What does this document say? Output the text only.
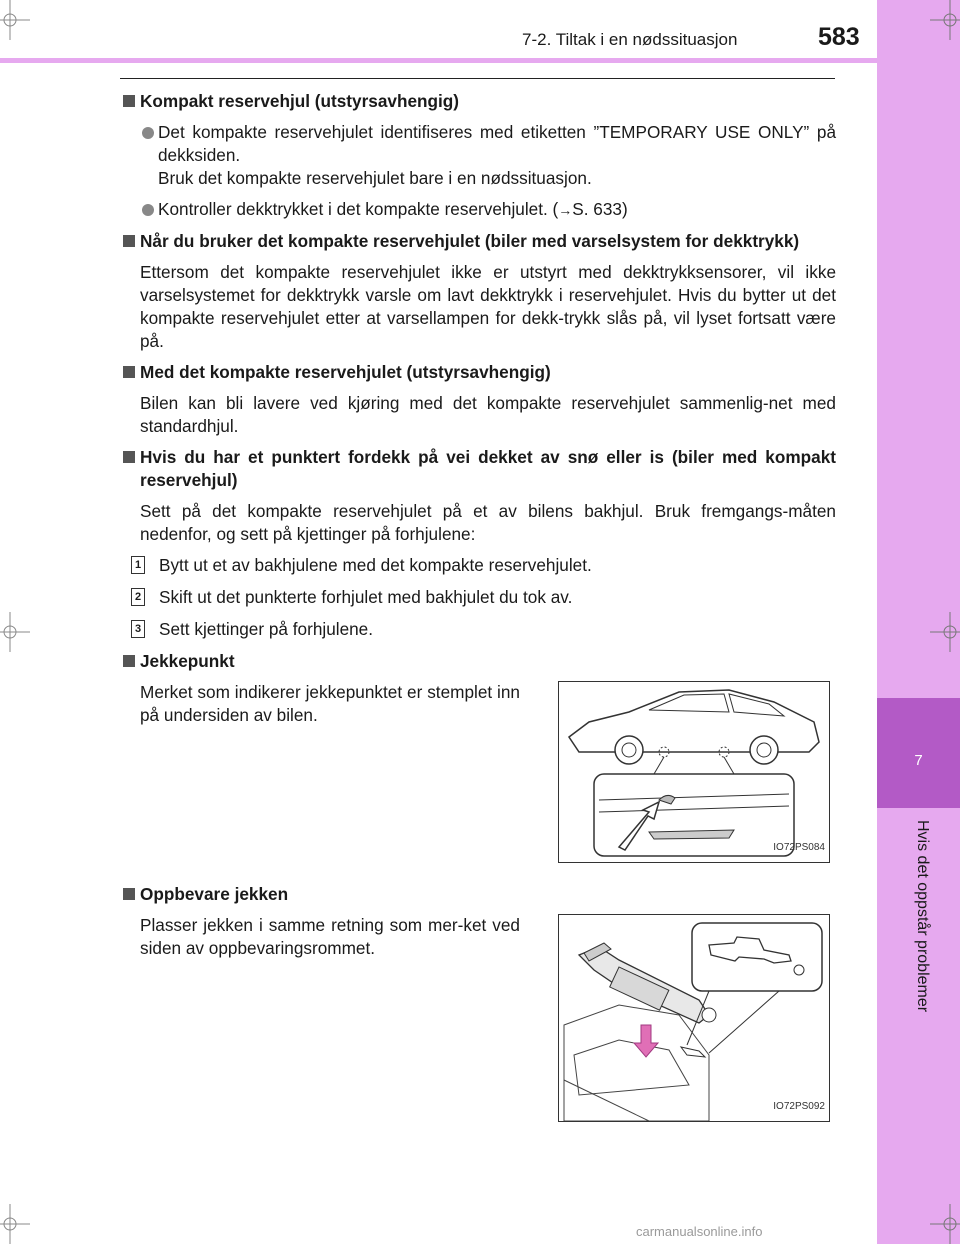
7
Hvis det oppstår problemer
7-2. Tiltak i en nødssituasjon	583
Kompakt reservehjul (utstyrsavhengig)
Det kompakte reservehjulet identifiseres med etiketten ”TEMPORARY USE ONLY” på dekksiden.
Bruk det kompakte reservehjulet bare i en nødssituasjon.
Kontroller dekktrykket i det kompakte reservehjulet. (→S. 633)
Når du bruker det kompakte reservehjulet (biler med varselsystem for dekktrykk)
Ettersom det kompakte reservehjulet ikke er utstyrt med dekktrykksensorer, vil ikke varselsystemet for dekktrykk varsle om lavt dekktrykk i reservehjulet. Hvis du bytter ut det kompakte reservehjulet etter at varsellampen for dekk-trykk slås på, vil lyset fortsatt være på.
Med det kompakte reservehjulet (utstyrsavhengig)
Bilen kan bli lavere ved kjøring med det kompakte reservehjulet sammenlig-net med standardhjul.
Hvis du har et punktert fordekk på vei dekket av snø eller is (biler med kompakt reservehjul)
Sett på det kompakte reservehjulet på et av bilens bakhjul. Bruk fremgangs-måten nedenfor, og sett på kjettinger på forhjulene:
1 Bytt ut et av bakhjulene med det kompakte reservehjulet.
2 Skift ut det punkterte forhjulet med bakhjulet du tok av.
3 Sett kjettinger på forhjulene.
Jekkepunkt
Merket som indikerer jekkepunktet er stemplet inn på undersiden av bilen.
IO72PS084
Oppbevare jekken
Plasser jekken i samme retning som mer-ket ved siden av oppbevaringsrommet.
IO72PS092
carmanualsonline.info
